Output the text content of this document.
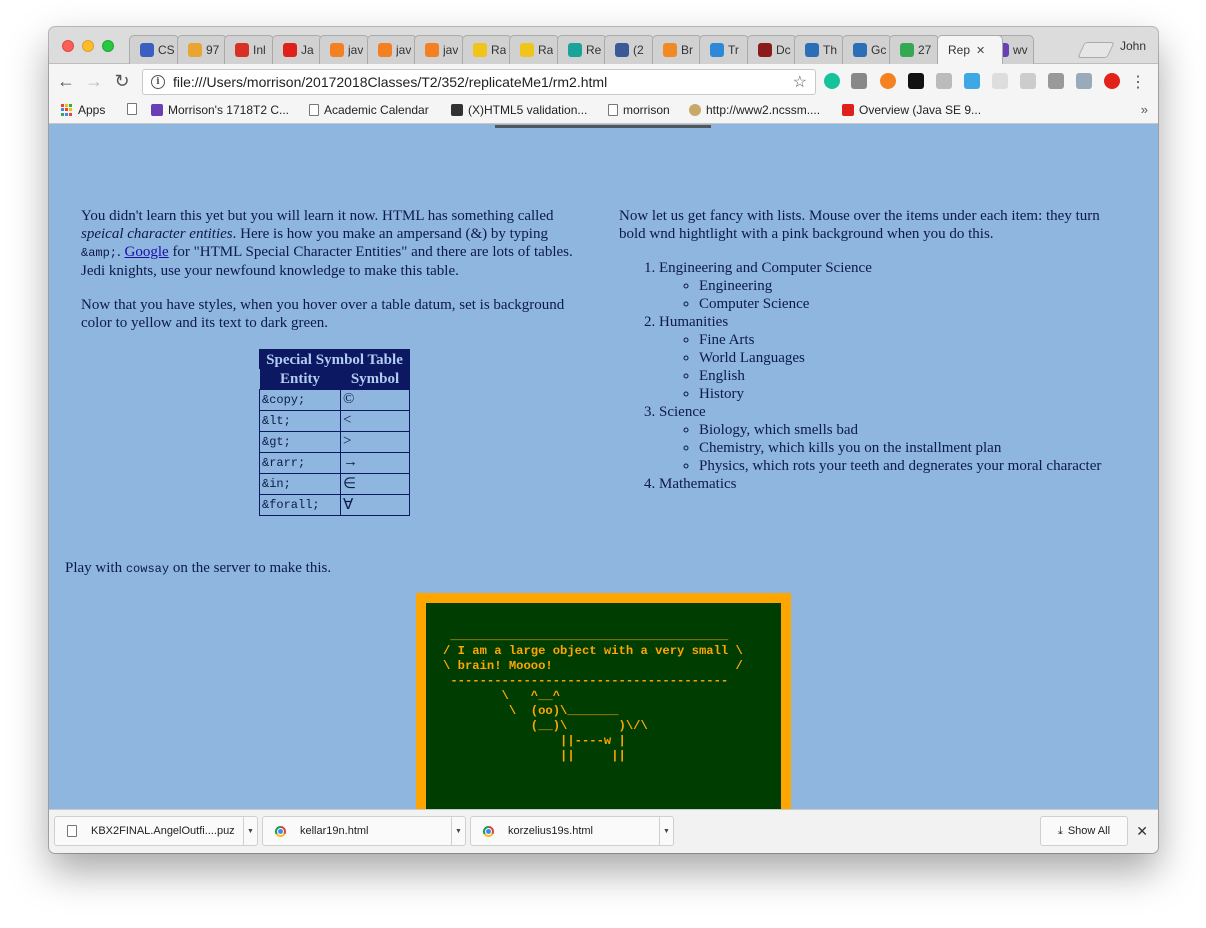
CS	97	Inl	Ja	jav	jav	jav	Ra	Ra	Re	(2	Br	Tr	Dc	Th	Gc	27 Rep ✕ wv	John
← → ↻	i file:///Users/morrison/20172018Classes/T2/352/replicateMe1/rm2.html	☆	⋮
Apps	Morrison's 1718T2 C...	Academic Calendar	(X)HTML5 validation...	morrison	http://www2.ncssm....	Overview (Java SE 9...	»

You didn't learn this yet but you will learn it now. HTML has something called speical character entities. Here is how you make an ampersand (&) by typing &amp;. Google for "HTML Special Character Entities" and there are lots of tables. Jedi knights, use your newfound knowledge to make this table.

Now that you have styles, when you hover over a table datum, set is background color to yellow and its text to dark green.

Special Symbol Table
Entity	Symbol
&copy;	©
&lt;	<
&gt;	>
&rarr;	→
&in;	∈
&forall;	∀

Now let us get fancy with lists. Mouse over the items under each item: they turn bold wnd hightlight with a pink background when you do this.

1. Engineering and Computer Science
◦ Engineering
◦ Computer Science
2. Humanities
◦ Fine Arts
◦ World Languages
◦ English
◦ History
3. Science
◦ Biology, which smells bad
◦ Chemistry, which kills you on the installment plan
◦ Physics, which rots your teeth and degnerates your moral character
4. Mathematics
Play with cowsay on the server to make this.
______________________________________
/ I am a large object with a very small \
\ brain! Moooo!                         /
--------------------------------------
\   ^__^
\  (oo)\_______
(__)\       )\/\
||----w |
||     ||
KBX2FINAL.AngelOutfi....puz	▼	kellar19n.html	▼	korzelius19s.html	▼	⤓ Show All ✕
